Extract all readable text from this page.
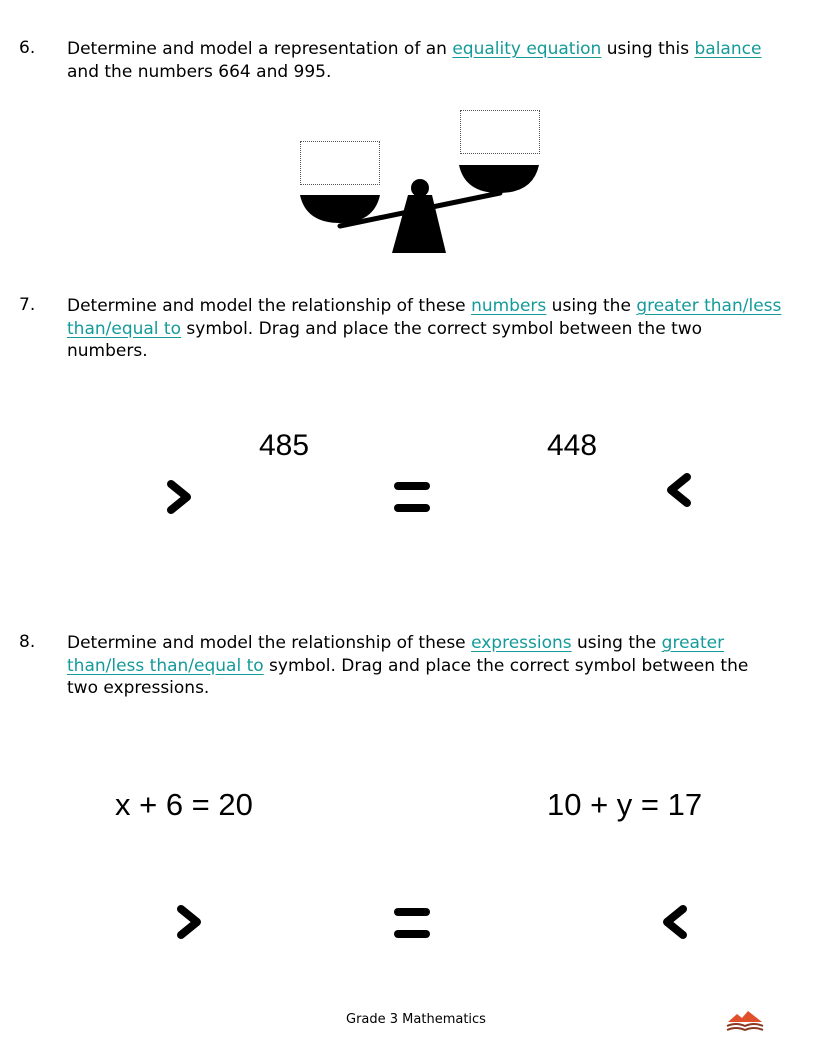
6. Determine and model a representation of an equality equation using this balance and the numbers 664 and 995.
7. Determine and model the relationship of these numbers using the greater than/less than/equal to symbol. Drag and place the correct symbol between the two numbers.
485	448
8. Determine and model the relationship of these expressions using the greater than/less than/equal to symbol. Drag and place the correct symbol between the two expressions.
x + 6 = 20	10 + y = 17
Grade 3 Mathematics
